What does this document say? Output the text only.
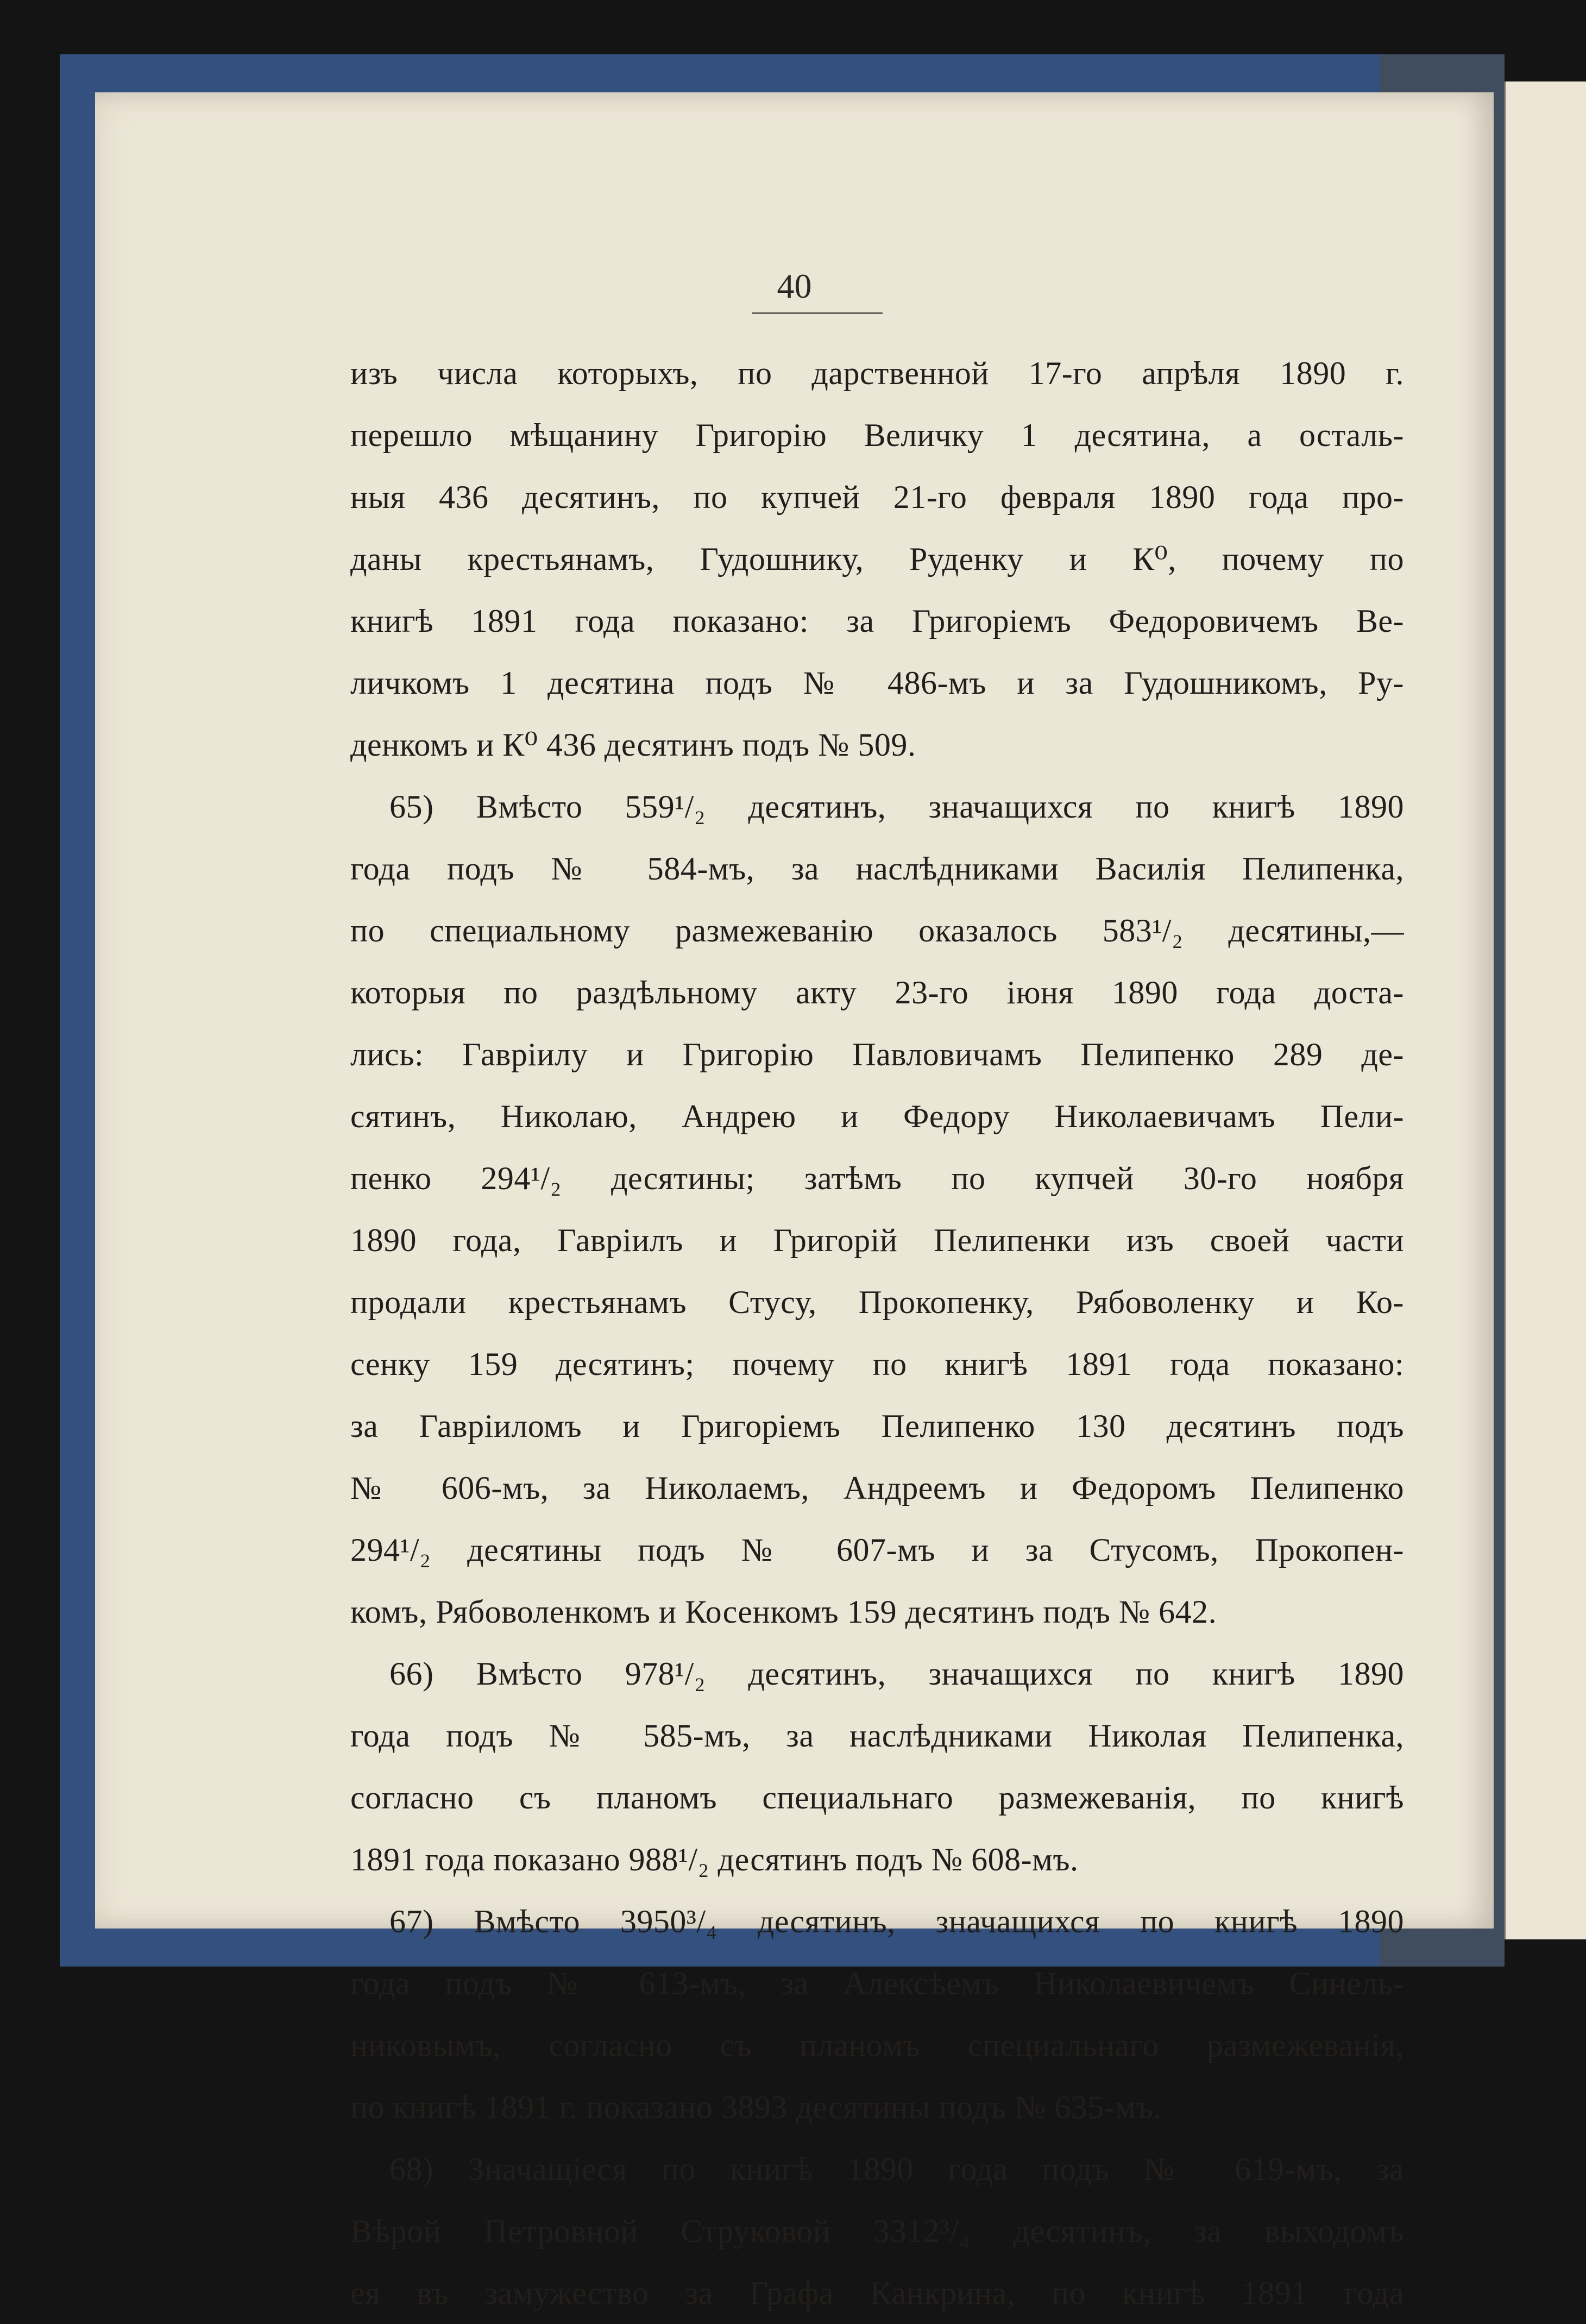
40
изъ числа которыхъ, по дарственной 17-го апрѣля 1890 г.
перешло мѣщанину Григорію Величку 1 десятина, а осталь-
ныя 436 десятинъ, по купчей 21-го февраля 1890 года про-
даны крестьянамъ, Гудошнику, Руденку и К⁰, почему по
книгѣ 1891 года показано: за Григоріемъ Федоровичемъ Ве-
личкомъ 1 десятина подъ № 486-мъ и за Гудошникомъ, Ру-
денкомъ и К⁰ 436 десятинъ подъ № 509.
65) Вмѣсто 559¹/₂ десятинъ, значащихся по книгѣ 1890
года подъ № 584-мъ, за наслѣдниками Василія Пелипенка,
по специальному размежеванію оказалось 583¹/₂ десятины,—
которыя по раздѣльному акту 23-го іюня 1890 года доста-
лись: Гаврiилу и Григорію Павловичамъ Пелипенко 289 де-
сятинъ, Николаю, Андрею и Федору Николаевичамъ Пели-
пенко 294¹/₂ десятины; затѣмъ по купчей 30-го ноября
1890 года, Гаврiилъ и Григорій Пелипенки изъ своей части
продали крестьянамъ Стусу, Прокопенку, Рябоволенку и Ко-
сенку 159 десятинъ; почему по книгѣ 1891 года показано:
за Гаврiиломъ и Григоріемъ Пелипенко 130 десятинъ подъ
№ 606-мъ, за Николаемъ, Андреемъ и Федоромъ Пелипенко
294¹/₂ десятины подъ № 607-мъ и за Стусомъ, Прокопен-
комъ, Рябоволенкомъ и Косенкомъ 159 десятинъ подъ № 642.
66) Вмѣсто 978¹/₂ десятинъ, значащихся по книгѣ 1890
года подъ № 585-мъ, за наслѣдниками Николая Пелипенка,
согласно съ планомъ специальнаго размежеванія, по книгѣ
1891 года показано 988¹/₂ десятинъ подъ № 608-мъ.
67) Вмѣсто 3950³/₄ десятинъ, значащихся по книгѣ 1890
года подъ № 613-мъ, за Алексѣемъ Николаевичемъ Синель-
никовымъ, согласно съ планомъ специальнаго размежеванія,
по книгѣ 1891 г. показано 3893 десятины подъ № 635-мъ.
68) Значащіеся по книгѣ 1890 года подъ № 619-мъ, за
Вѣрой Петровной Струковой 3312³/₄ десятинъ, за выходомъ
ея въ замужество за Графа Канкрина, по книгѣ 1891 года
